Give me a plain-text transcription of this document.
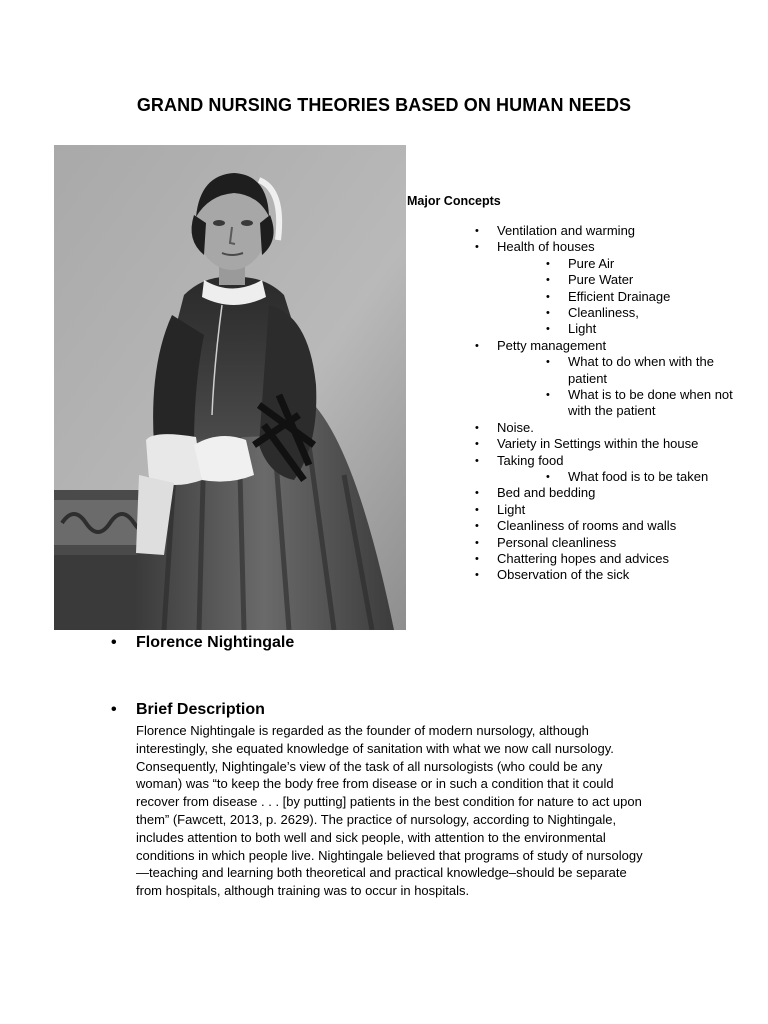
GRAND NURSING THEORIES BASED ON HUMAN NEEDS
Major Concepts
• Ventilation and warming
• Health of houses
• Pure Air
• Pure Water
• Efficient Drainage
• Cleanliness,
• Light
• Petty management
• What to do when with the
patient
• What is to be done when not
with the patient
• Noise.
• Variety in Settings within the house
• Taking food
• What food is to be taken
• Bed and bedding
• Light
• Cleanliness of rooms and walls
• Personal cleanliness
• Chattering hopes and advices
• Observation of the sick
• Florence Nightingale
• Brief Description

Florence Nightingale is regarded as the founder of modern nursology, although

interestingly, she equated knowledge of sanitation with what we now call nursology.

Consequently, Nightingale’s view of the task of all nursologists (who could be any

woman) was “to keep the body free from disease or in such a condition that it could

recover from disease . . . [by putting] patients in the best condition for nature to act upon

them” (Fawcett, 2013, p. 2629). The practice of nursology, according to Nightingale,

includes attention to both well and sick people, with attention to the environmental

conditions in which people live. Nightingale believed that programs of study of nursology

—teaching and learning both theoretical and practical knowledge–should be separate

from hospitals, although training was to occur in hospitals.
